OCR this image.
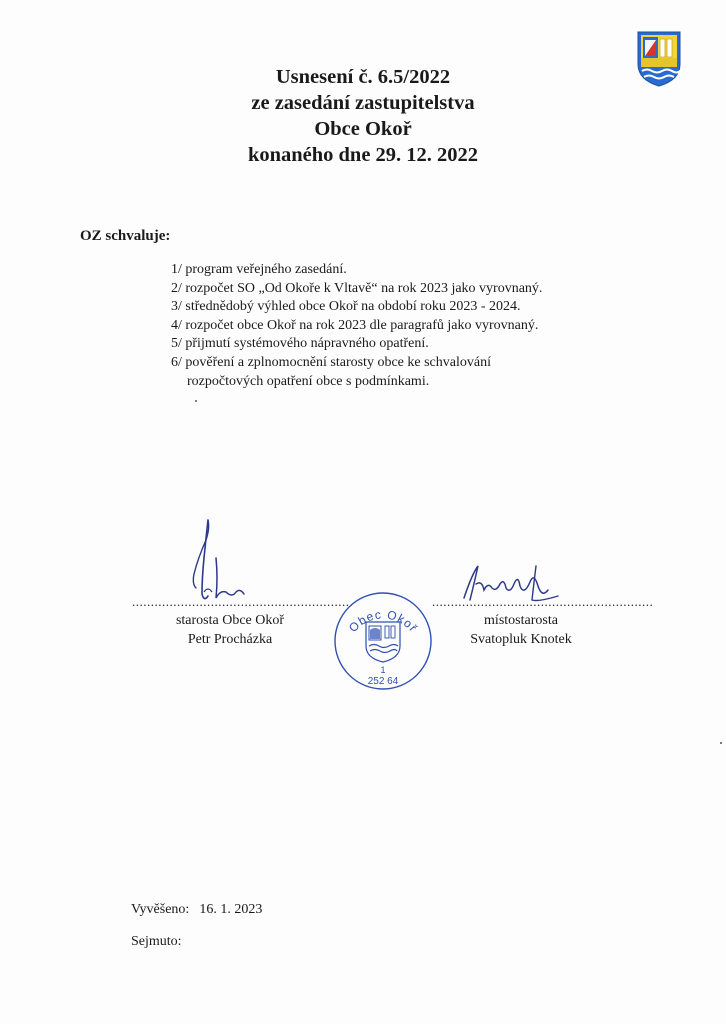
Usnesení č. 6.5/2022
ze zasedání zastupitelstva
Obce Okoř
konaného dne 29. 12. 2022
OZ schvaluje:
1/ program veřejného zasedání.
2/ rozpočet SO „Od Okoře k Vltavě“ na rok 2023 jako vyrovnaný.
3/ střednědobý výhled obce Okoř na období roku 2023 - 2024.
4/ rozpočet obce Okoř na rok 2023 dle paragrafů jako vyrovnaný.
5/ přijmutí systémového nápravného opatření.
6/ pověření a zplnomocnění starosty obce ke schvalování
rozpočtových opatření obce s podmínkami.
...........................................................	...........................................................
starosta Obce Okoř
Petr Procházka
místostarosta
Svatopluk Knotek
Obec Okoř
1
252 64
Vyvěšeno: 16. 1. 2023
Sejmuto:
